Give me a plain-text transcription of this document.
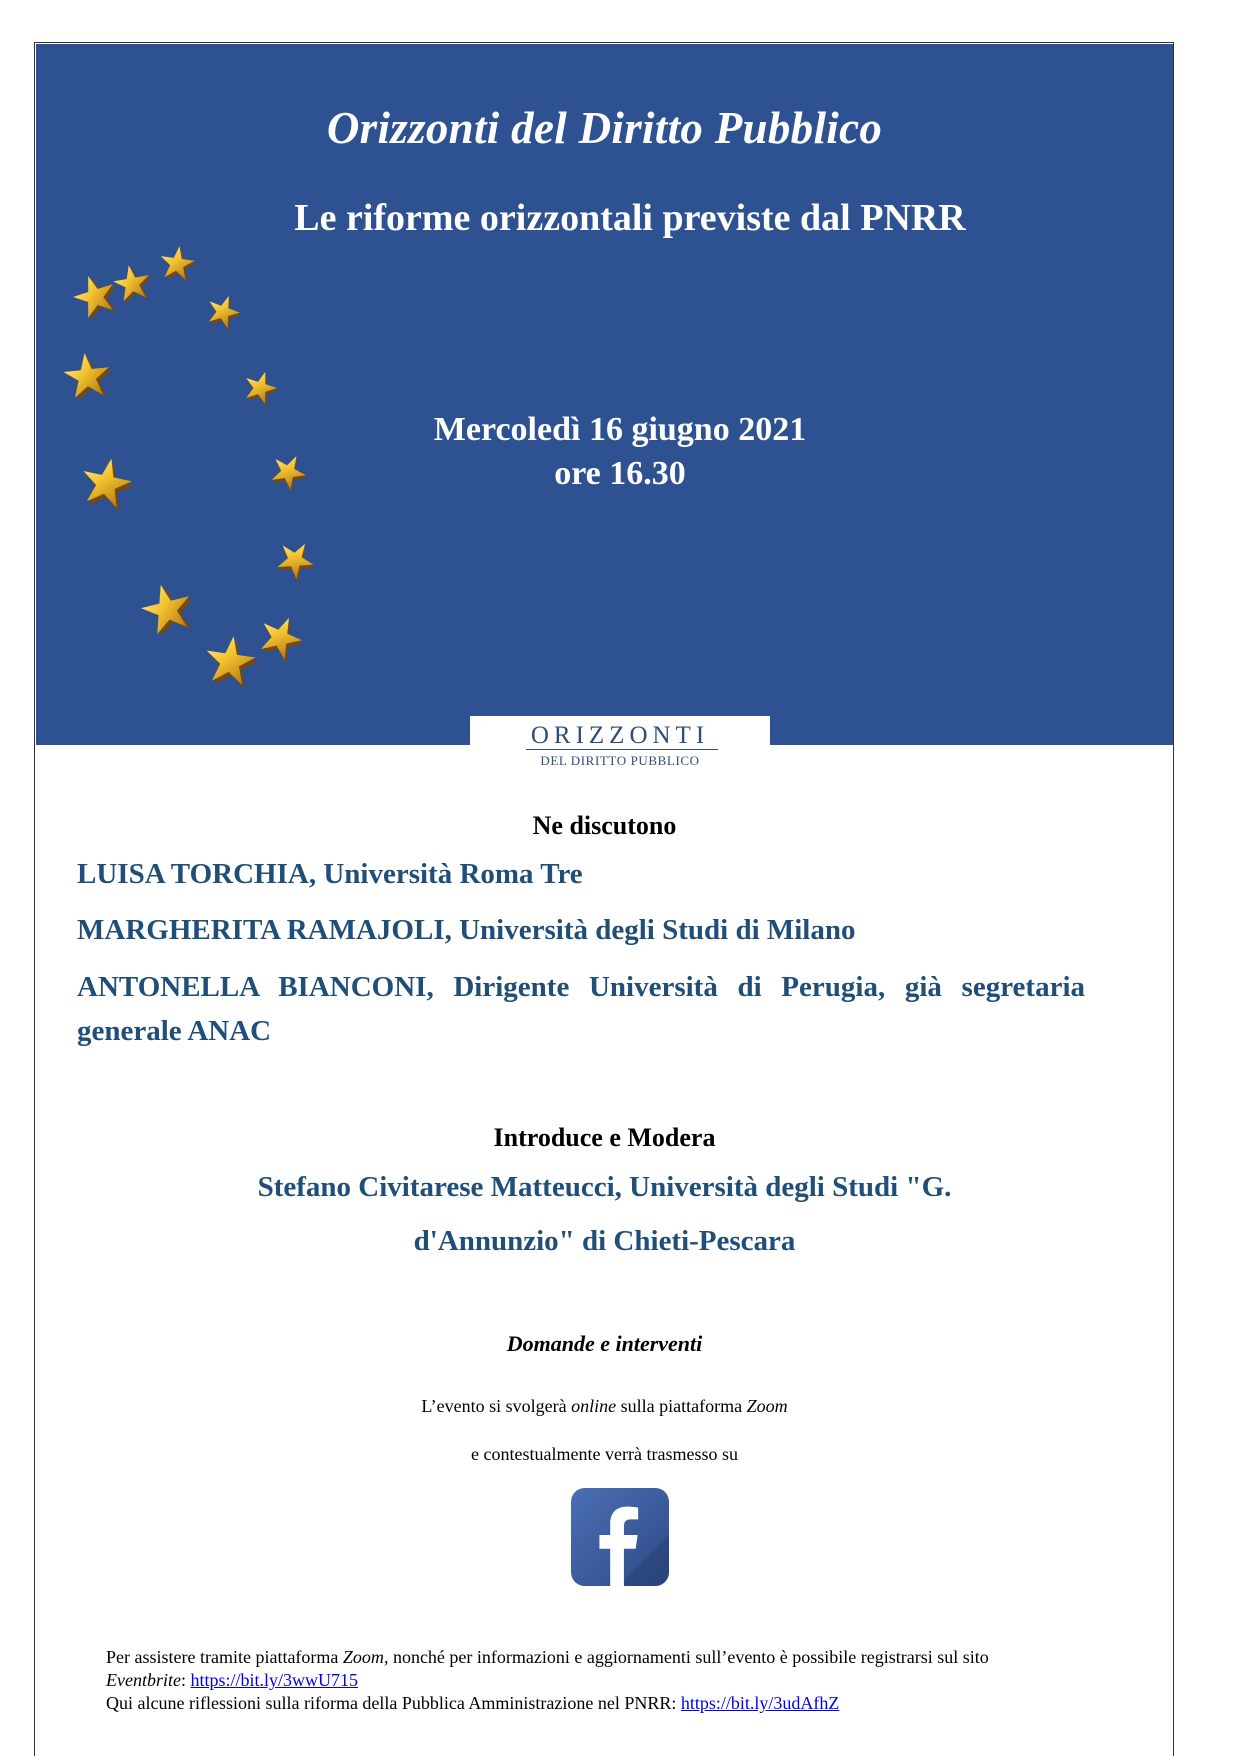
Orizzonti del Diritto Pubblico
Le riforme orizzontali previste dal PNRR
Mercoledì 16 giugno 2021
ore 16.30
ORIZZONTI
DEL DIRITTO PUBBLICO
Ne discutono
LUISA TORCHIA, Università Roma Tre
MARGHERITA RAMAJOLI, Università degli Studi di Milano
ANTONELLA BIANCONI, Dirigente Università di Perugia, già segretaria generale ANAC
Introduce e Modera
Stefano Civitarese Matteucci, Università degli Studi "G.
d'Annunzio" di Chieti-Pescara
Domande e interventi
L’evento si svolgerà online sulla piattaforma Zoom
e contestualmente verrà trasmesso su
Per assistere tramite piattaforma Zoom, nonché per informazioni e aggiornamenti sull’evento è possibile registrarsi sul sito
Eventbrite: https://bit.ly/3wwU715
Qui alcune riflessioni sulla riforma della Pubblica Amministrazione nel PNRR: https://bit.ly/3udAfhZ
